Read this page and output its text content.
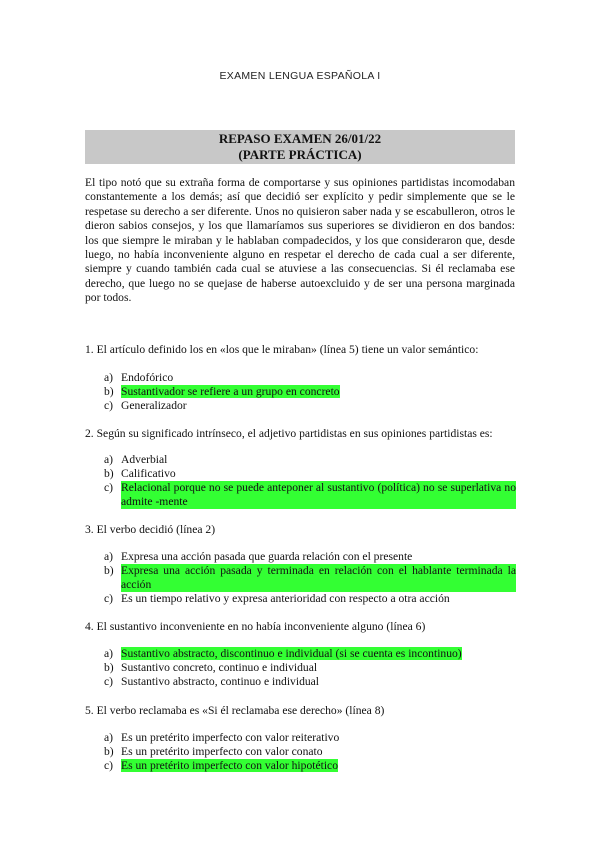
EXAMEN LENGUA ESPAÑOLA I
REPASO EXAMEN 26/01/22
(PARTE PRÁCTICA)

El tipo notó que su extraña forma de comportarse y sus opiniones partidistas incomodaban constantemente a los demás; así que decidió ser explícito y pedir simplemente que se le respetase su derecho a ser diferente. Unos no quisieron saber nada y se escabulleron, otros le dieron sabios consejos, y los que llamaríamos sus superiores se dividieron en dos bandos: los que siempre le miraban y le hablaban compadecidos, y los que consideraron que, desde luego, no había inconveniente alguno en respetar el derecho de cada cual a ser diferente, siempre y cuando también cada cual se atuviese a las consecuencias. Si él reclamaba ese derecho, que luego no se quejase de haberse autoexcluido y de ser una persona marginada por todos.

1. El artículo definido los en «los que le miraban» (línea 5) tiene un valor semántico:
a) Endofórico
b) Sustantivador se refiere a un grupo en concreto
c) Generalizador
2. Según su significado intrínseco, el adjetivo partidistas en sus opiniones partidistas es:
a) Adverbial
b) Calificativo
c) Relacional porque no se puede anteponer al sustantivo (política) no se superlativa no admite -mente
3. El verbo decidió (línea 2)
a) Expresa una acción pasada que guarda relación con el presente
b) Expresa una acción pasada y terminada en relación con el hablante terminada la acción
c) Es un tiempo relativo y expresa anterioridad con respecto a otra acción
4. El sustantivo inconveniente en no había inconveniente alguno (línea 6)
a) Sustantivo abstracto, discontinuo e individual (si se cuenta es incontinuo)
b) Sustantivo concreto, continuo e individual
c) Sustantivo abstracto, continuo e individual
5. El verbo reclamaba es «Si él reclamaba ese derecho» (línea 8)
a) Es un pretérito imperfecto con valor reiterativo
b) Es un pretérito imperfecto con valor conato
c) Es un pretérito imperfecto con valor hipotético
